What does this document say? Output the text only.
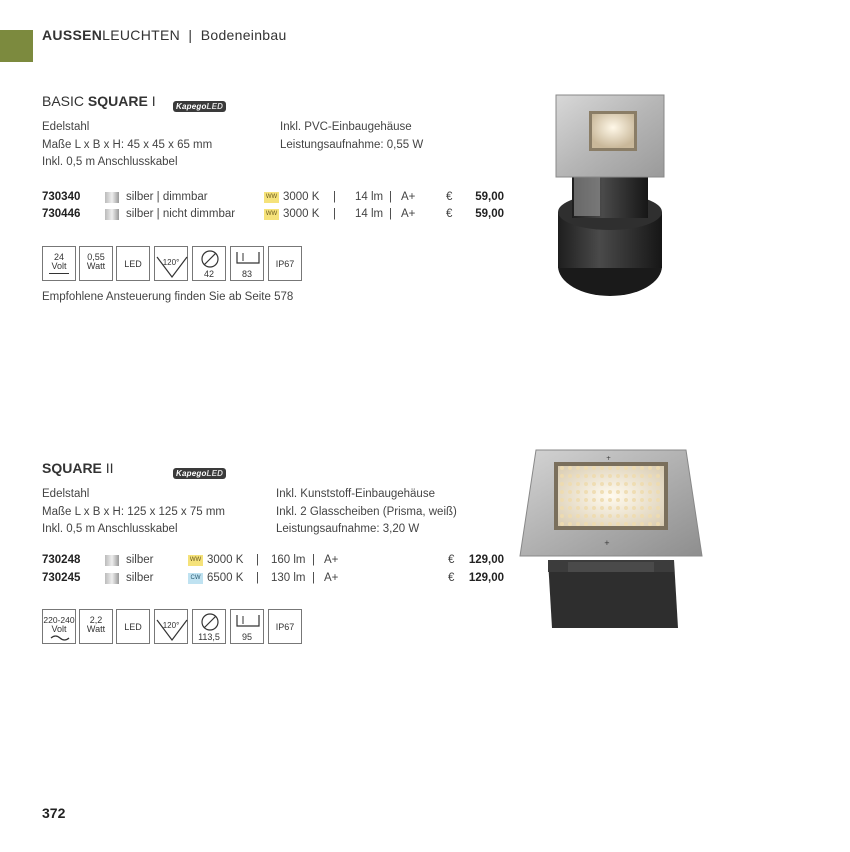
AUSSENLEUCHTEN | Bodeneinbau
BASIC SQUARE I	KapegoLED
Edelstahl
Maße L x B x H: 45 x 45 x 65 mm
Inkl. 0,5 m Anschlusskabel
Inkl. PVC-Einbaugehäuse
Leistungsaufnahme: 0,55 W
730340	silber | dimmbar	WW 3000 K | 14 lm | A+	€ 59,00
730446	silber | nicht dimmbar	WW 3000 K | 14 lm | A+	€ 59,00
24
Volt
0,55
Watt	LED	120°
42	83
IP67
Empfohlene Ansteuerung finden Sie ab Seite 578
SQUARE II	KapegoLED
Edelstahl
Maße L x B x H: 125 x 125 x 75 mm
Inkl. 0,5 m Anschlusskabel
Inkl. Kunststoff-Einbaugehäuse
Inkl. 2 Glasscheiben (Prisma, weiß)
Leistungsaufnahme: 3,20 W
730248	silber	WW 3000 K | 160 lm | A+	€ 129,00
730245	silber	CW 6500 K | 130 lm | A+	€ 129,00
220-240
Volt
2,2
Watt	LED	120°
113,5	95
IP67
+
+
372
